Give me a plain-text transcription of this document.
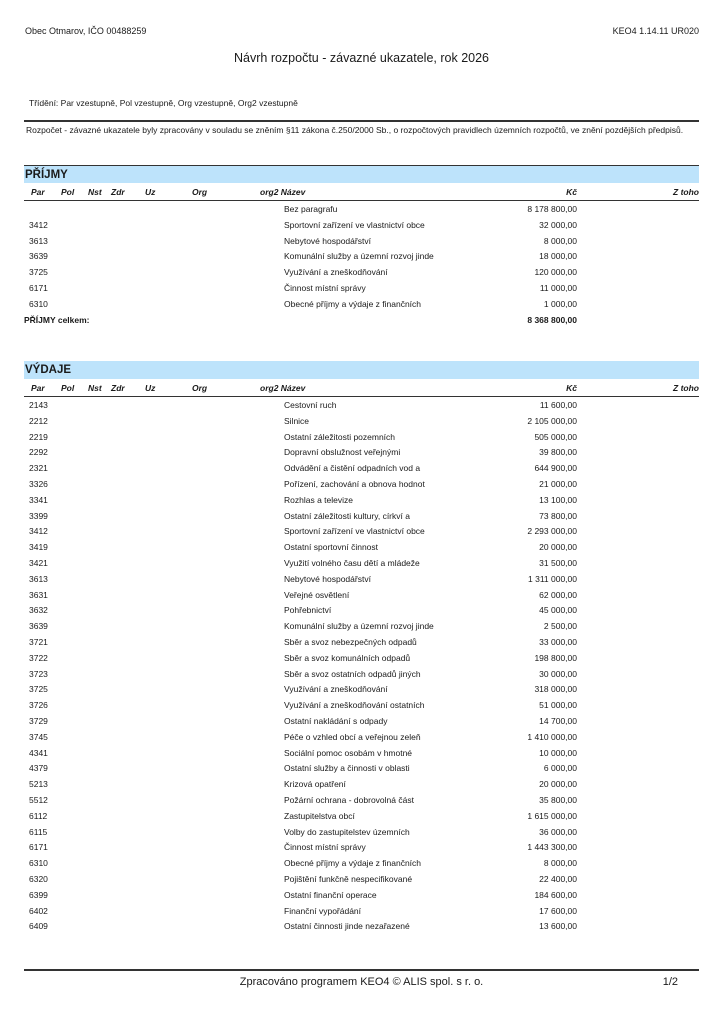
Obec Otmarov, IČO 00488259	KEO4 1.14.11 UR020
Návrh rozpočtu - závazné ukazatele, rok 2026
Třídění: Par vzestupně, Pol vzestupně, Org vzestupně, Org2 vzestupně
Rozpočet - závazné ukazatele byly zpracovány v souladu se zněním §11 zákona č.250/2000 Sb., o rozpočtových pravidlech územních rozpočtů, ve znění pozdějších předpisů.
PŘÍJMY
Par Pol Nst Zdr Uz	Org	org2 Název	Kč	Z toho
Bez paragrafu	8 178 800,00
3412	Sportovní zařízení ve vlastnictví obce	32 000,00
3613	Nebytové hospodářství	8 000,00
3639	Komunální služby a územní rozvoj jinde	18 000,00
3725	Využívání a zneškodňování	120 000,00
6171	Činnost místní správy	11 000,00
6310	Obecné příjmy a výdaje z finančních	1 000,00
PŘÍJMY celkem:	8 368 800,00
VÝDAJE
Par Pol Nst Zdr Uz	Org	org2 Název	Kč	Z toho
2143	Cestovní ruch	11 600,00
2212	Silnice	2 105 000,00
2219	Ostatní záležitosti pozemních	505 000,00
2292	Dopravní obslužnost veřejnými	39 800,00
2321	Odvádění a čistění odpadních vod a	644 900,00
3326	Pořízení, zachování a obnova hodnot	21 000,00
3341	Rozhlas a televize	13 100,00
3399	Ostatní záležitosti kultury, církví a	73 800,00
3412	Sportovní zařízení ve vlastnictví obce	2 293 000,00
3419	Ostatní sportovní činnost	20 000,00
3421	Využití volného času dětí a mládeže	31 500,00
3613	Nebytové hospodářství	1 311 000,00
3631	Veřejné osvětlení	62 000,00
3632	Pohřebnictví	45 000,00
3639	Komunální služby a územní rozvoj jinde	2 500,00
3721	Sběr a svoz nebezpečných odpadů	33 000,00
3722	Sběr a svoz komunálních odpadů	198 800,00
3723	Sběr a svoz ostatních odpadů jiných	30 000,00
3725	Využívání a zneškodňování	318 000,00
3726	Využívání a zneškodňování ostatních	51 000,00
3729	Ostatní nakládání s odpady	14 700,00
3745	Péče o vzhled obcí a veřejnou zeleň	1 410 000,00
4341	Sociální pomoc osobám v hmotné	10 000,00
4379	Ostatní služby a činnosti v oblasti	6 000,00
5213	Krizová opatření	20 000,00
5512	Požární ochrana - dobrovolná část	35 800,00
6112	Zastupitelstva obcí	1 615 000,00
6115	Volby do zastupitelstev územních	36 000,00
6171	Činnost místní správy	1 443 300,00
6310	Obecné příjmy a výdaje z finančních	8 000,00
6320	Pojištění funkčně nespecifikované	22 400,00
6399	Ostatní finanční operace	184 600,00
6402	Finanční vypořádání	17 600,00
6409	Ostatní činnosti jinde nezařazené	13 600,00
Zpracováno programem KEO4 © ALIS spol. s r. o.	1/2
